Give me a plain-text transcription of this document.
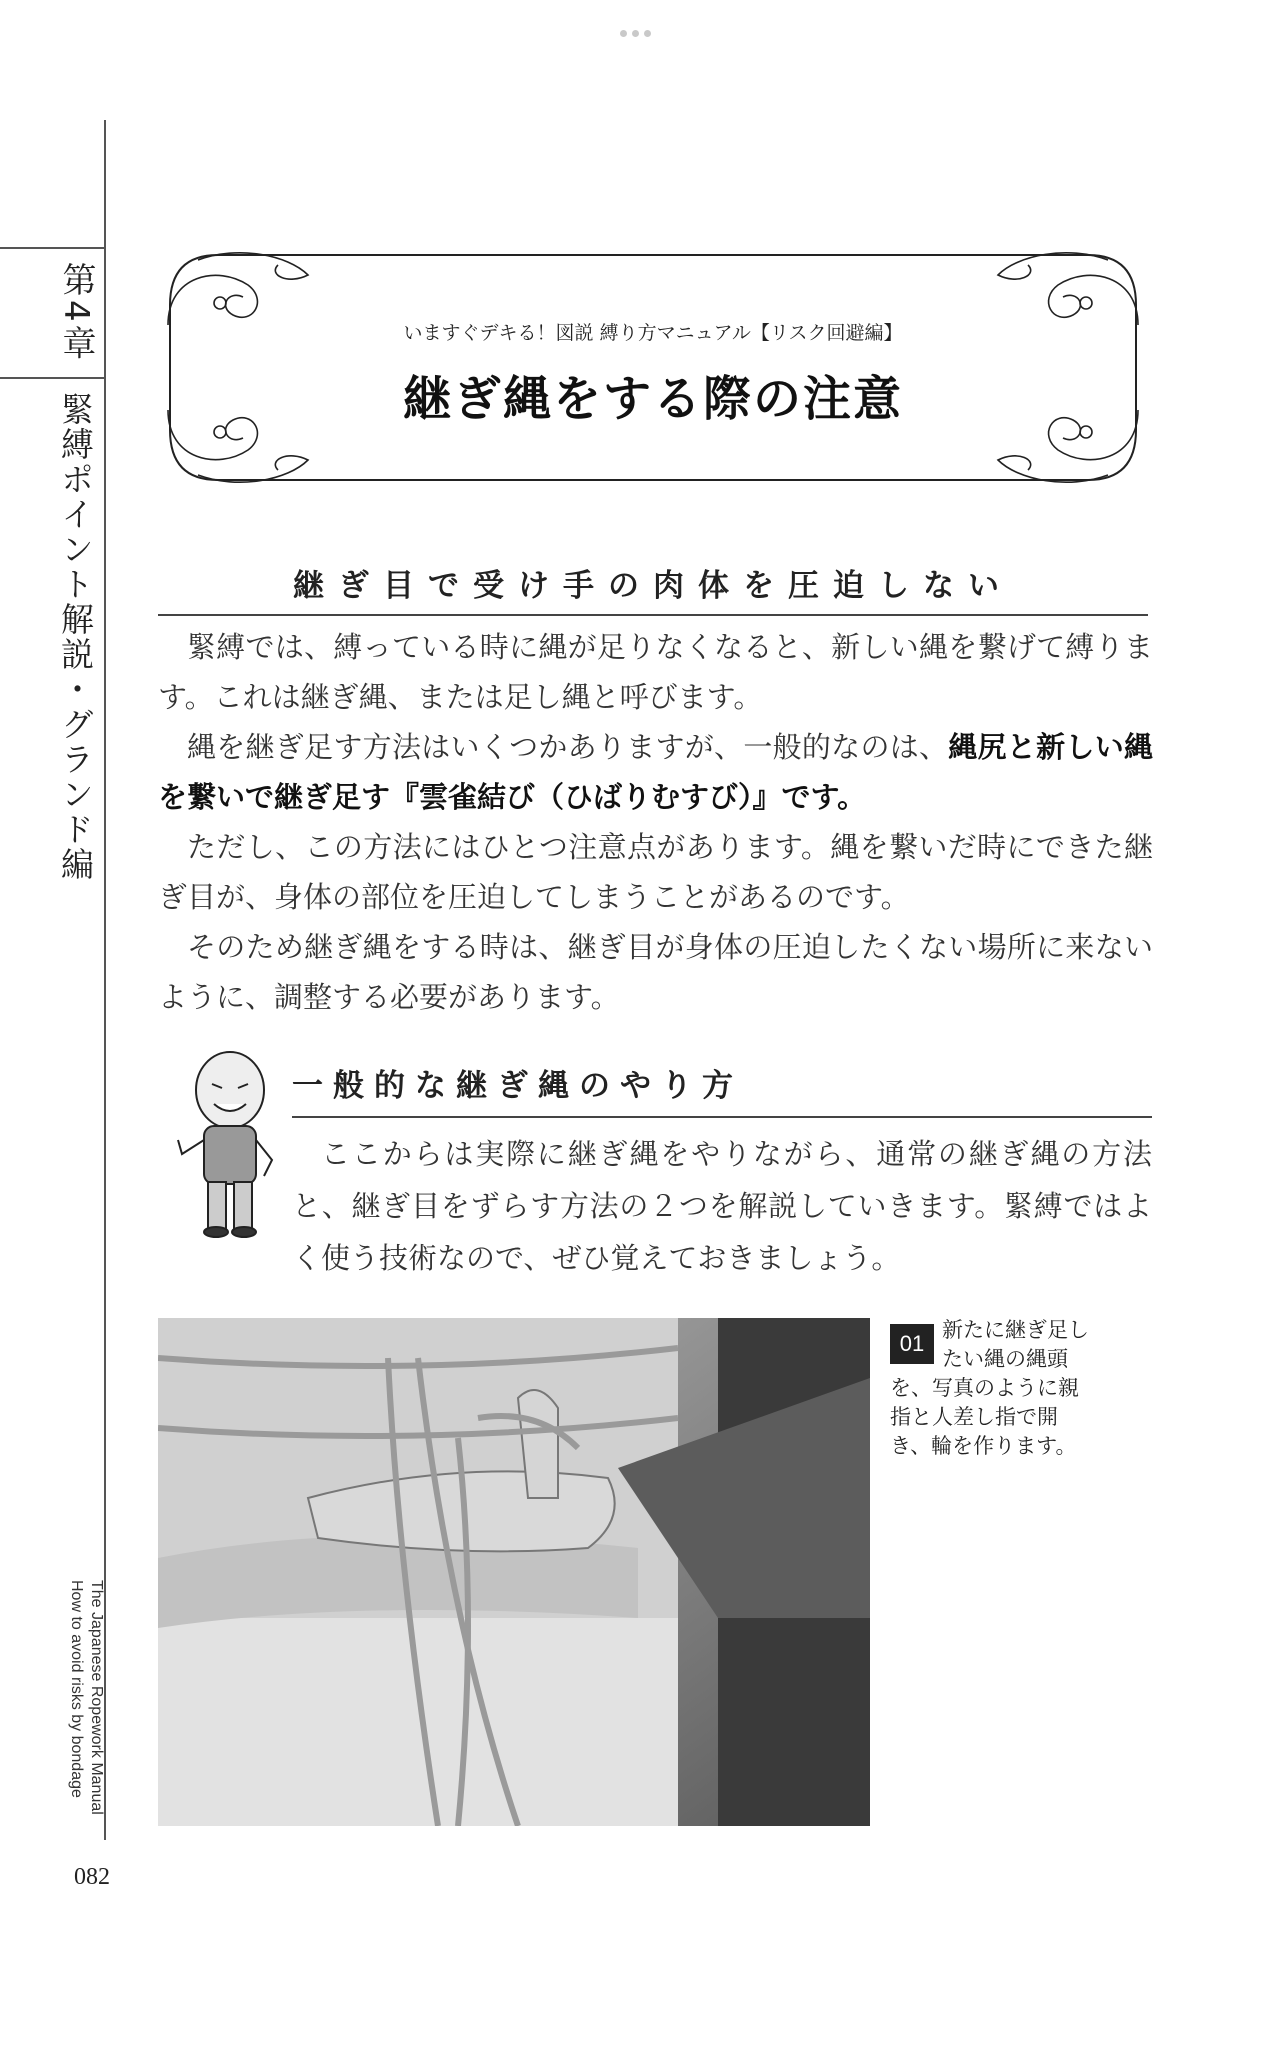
第4章
緊縛ポイント解説・グランド編
The Japanese Ropework Manual
How to avoid risks by bondage
082
いますぐデキる！図説 縛り方マニュアル【リスク回避編】
継ぎ縄をする際の注意
継ぎ目で受け手の肉体を圧迫しない

緊縛では、縛っている時に縄が足りなくなると、新しい縄を繋げて縛ります。これは継ぎ縄、または足し縄と呼びます。

縄を継ぎ足す方法はいくつかありますが、一般的なのは、縄尻と新しい縄を繋いで継ぎ足す『雲雀結び（ひばりむすび）』です。

ただし、この方法にはひとつ注意点があります。縄を繋いだ時にできた継ぎ目が、身体の部位を圧迫してしまうことがあるのです。

そのため継ぎ縄をする時は、継ぎ目が身体の圧迫したくない場所に来ないように、調整する必要があります。

一般的な継ぎ縄のやり方

ここからは実際に継ぎ縄をやりながら、通常の継ぎ縄の方法と、継ぎ目をずらす方法の２つを解説していきます。緊縛ではよく使う技術なので、ぜひ覚えておきましょう。

01
新たに継ぎ足したい縄の縄頭を、写真のように親指と人差し指で開き、輪を作ります。
